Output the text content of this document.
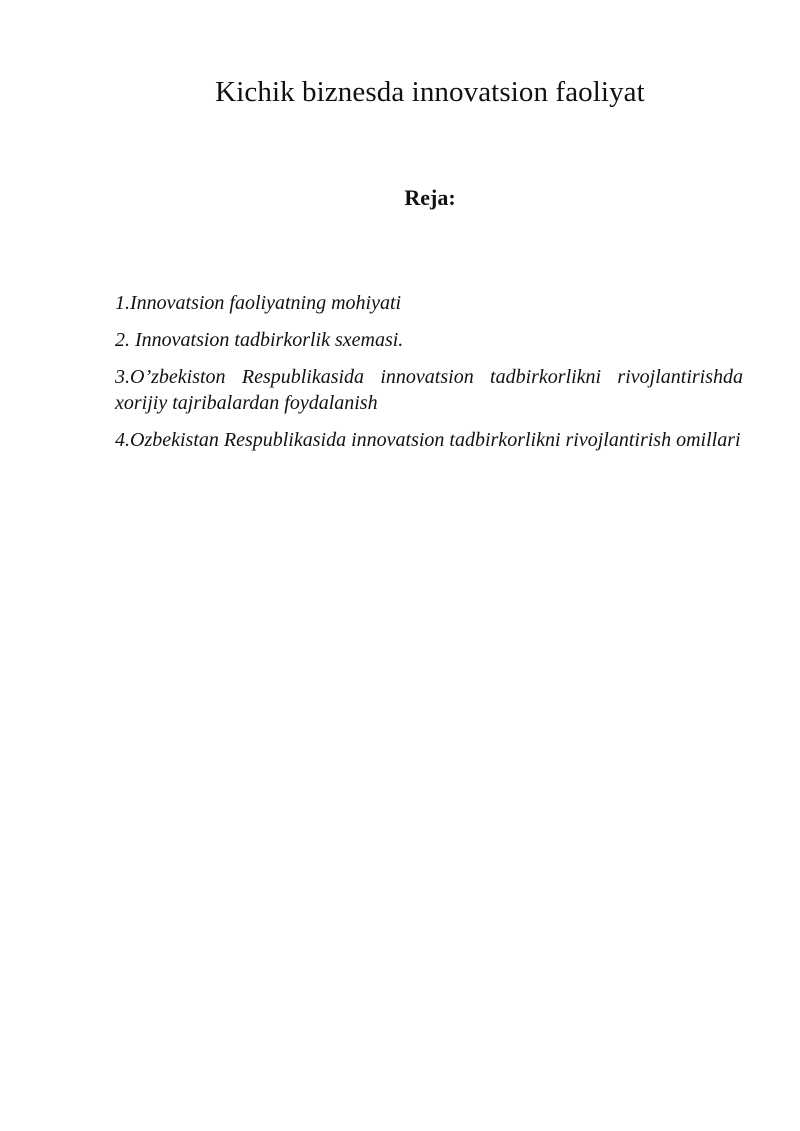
Kichik biznesda innovatsion faoliyat
Reja:
1.Innovatsion faoliyatning mohiyati
2. Innovatsion tadbirkorlik sxemasi.
3.O’zbekiston Respublikasida innovatsion tadbirkorlikni rivojlantirishda xorijiy tajribalardan foydalanish
4.Ozbekistan Respublikasida innovatsion tadbirkorlikni rivojlantirish omillari
